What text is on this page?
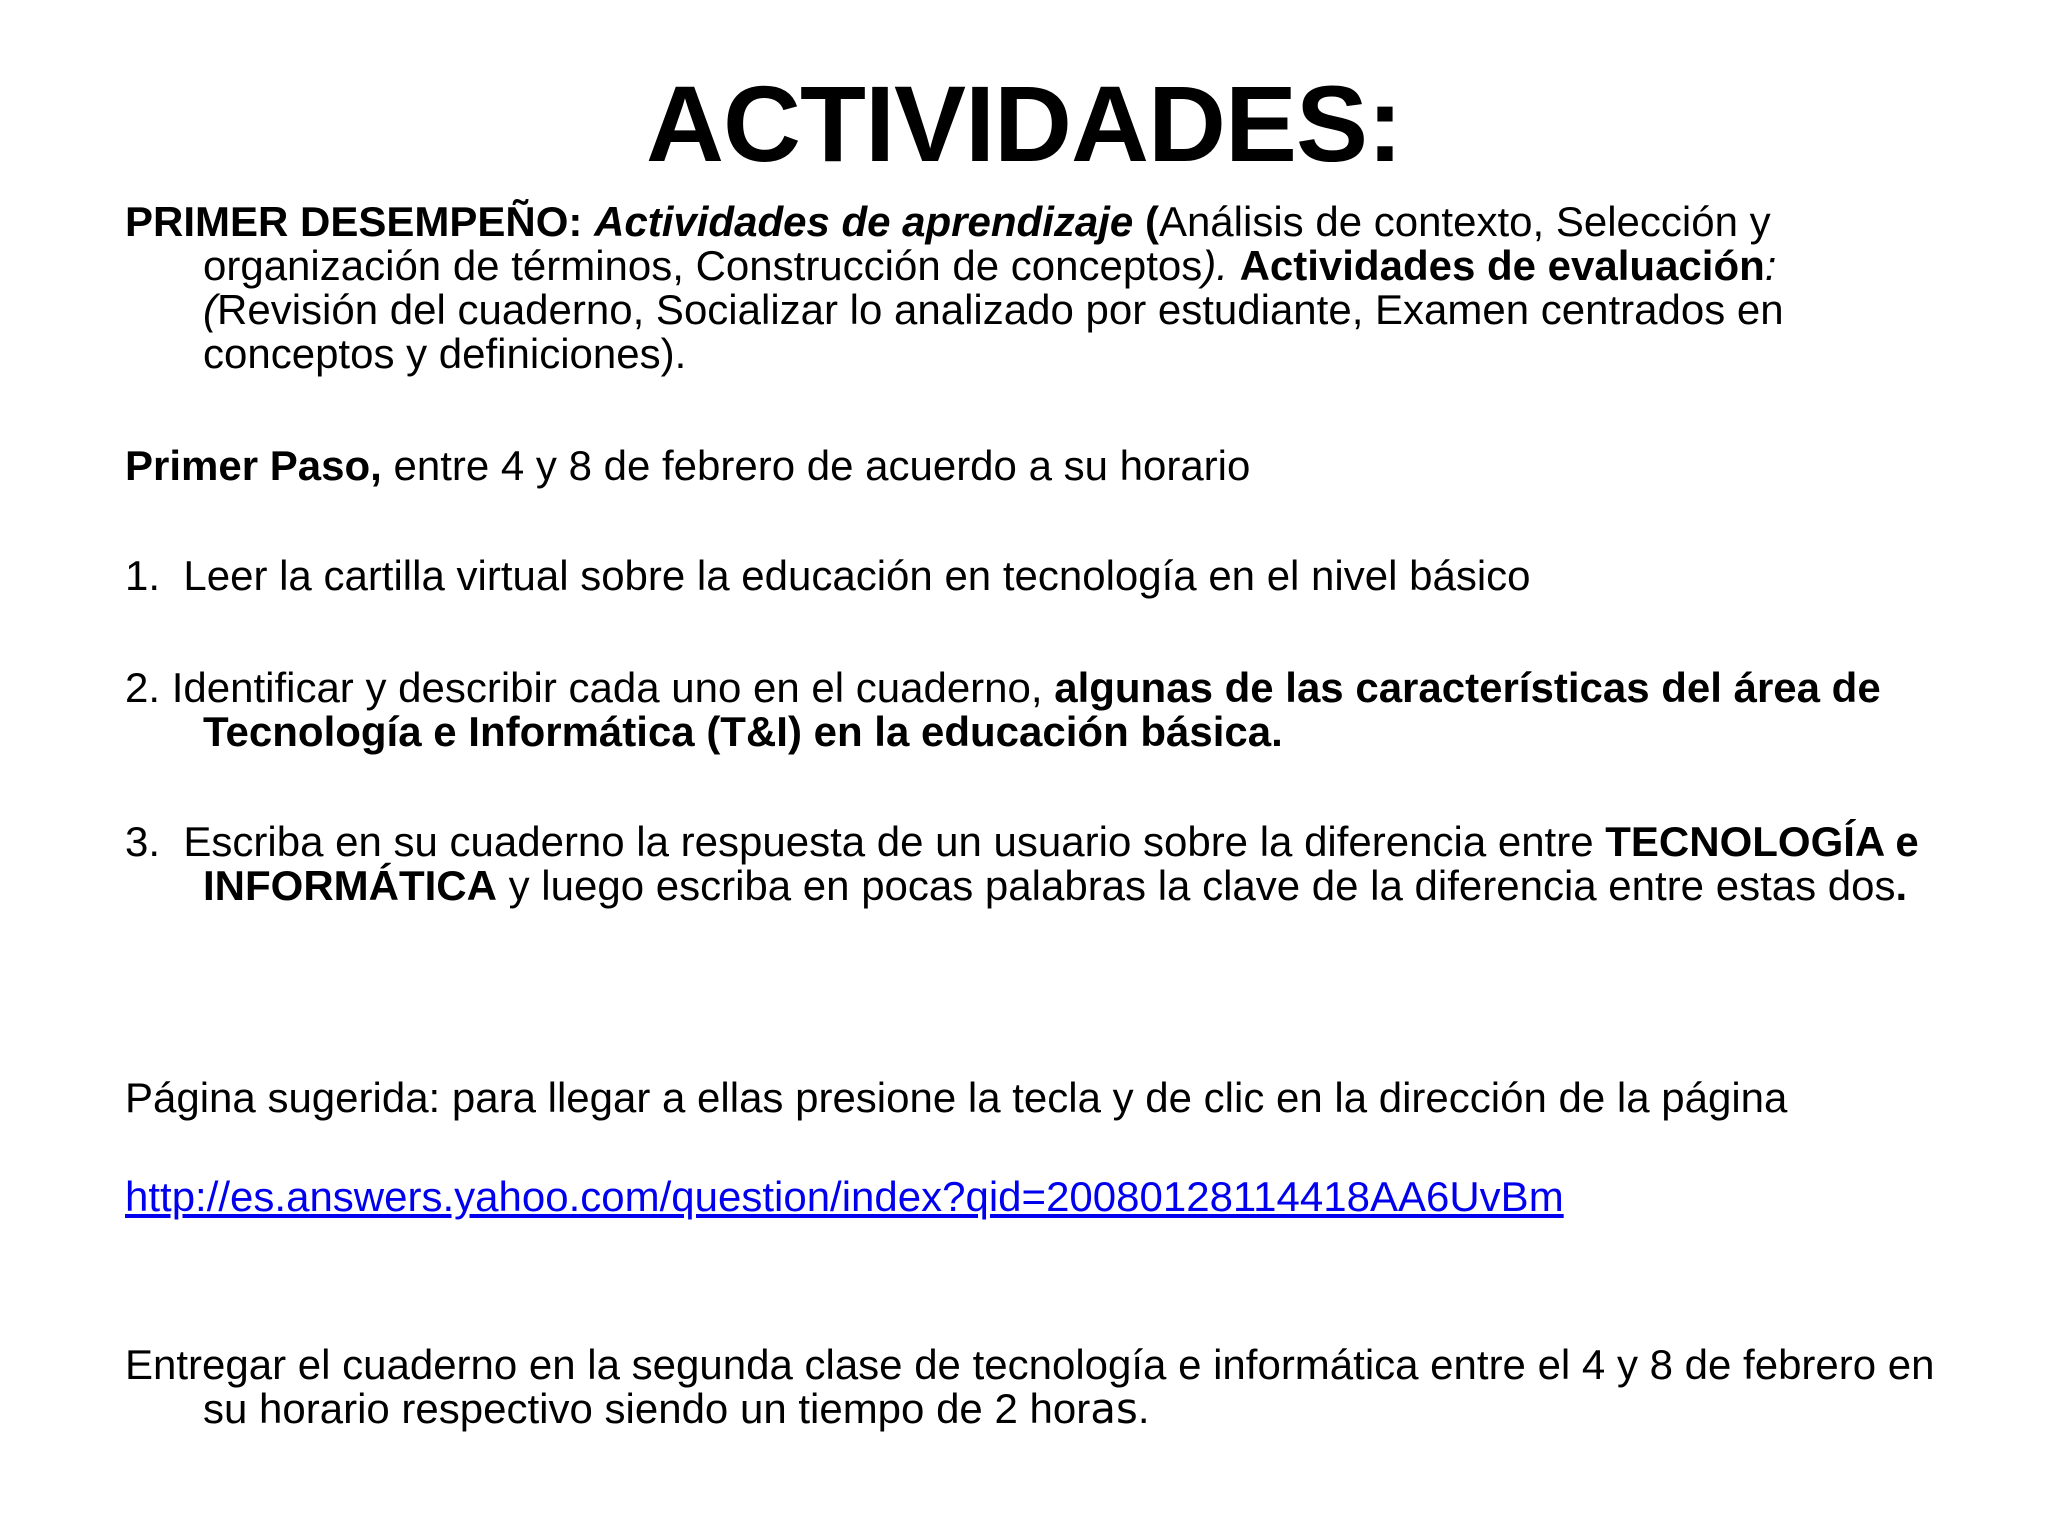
ACTIVIDADES:

PRIMER DESEMPEÑO: Actividades de aprendizaje (Análisis de contexto, Selección y organización de términos, Construcción de conceptos). Actividades de evaluación: (Revisión del cuaderno, Socializar lo analizado por estudiante, Examen centrados en conceptos y definiciones).

Primer Paso, entre 4 y 8 de febrero de acuerdo a su horario

1. Leer la cartilla virtual sobre la educación en tecnología en el nivel básico

2. Identificar y describir cada uno en el cuaderno, algunas de las características del área de Tecnología e Informática (T&I) en la educación básica.

3. Escriba en su cuaderno la respuesta de un usuario sobre la diferencia entre TECNOLOGÍA e INFORMÁTICA y luego escriba en pocas palabras la clave de la diferencia entre estas dos.

Página sugerida: para llegar a ellas presione la tecla y de clic en la dirección de la página

http://es.answers.yahoo.com/question/index?qid=20080128114418AA6UvBm

Entregar el cuaderno en la segunda clase de tecnología e informática entre el 4 y 8 de febrero en su horario respectivo siendo un tiempo de 2 horas.
